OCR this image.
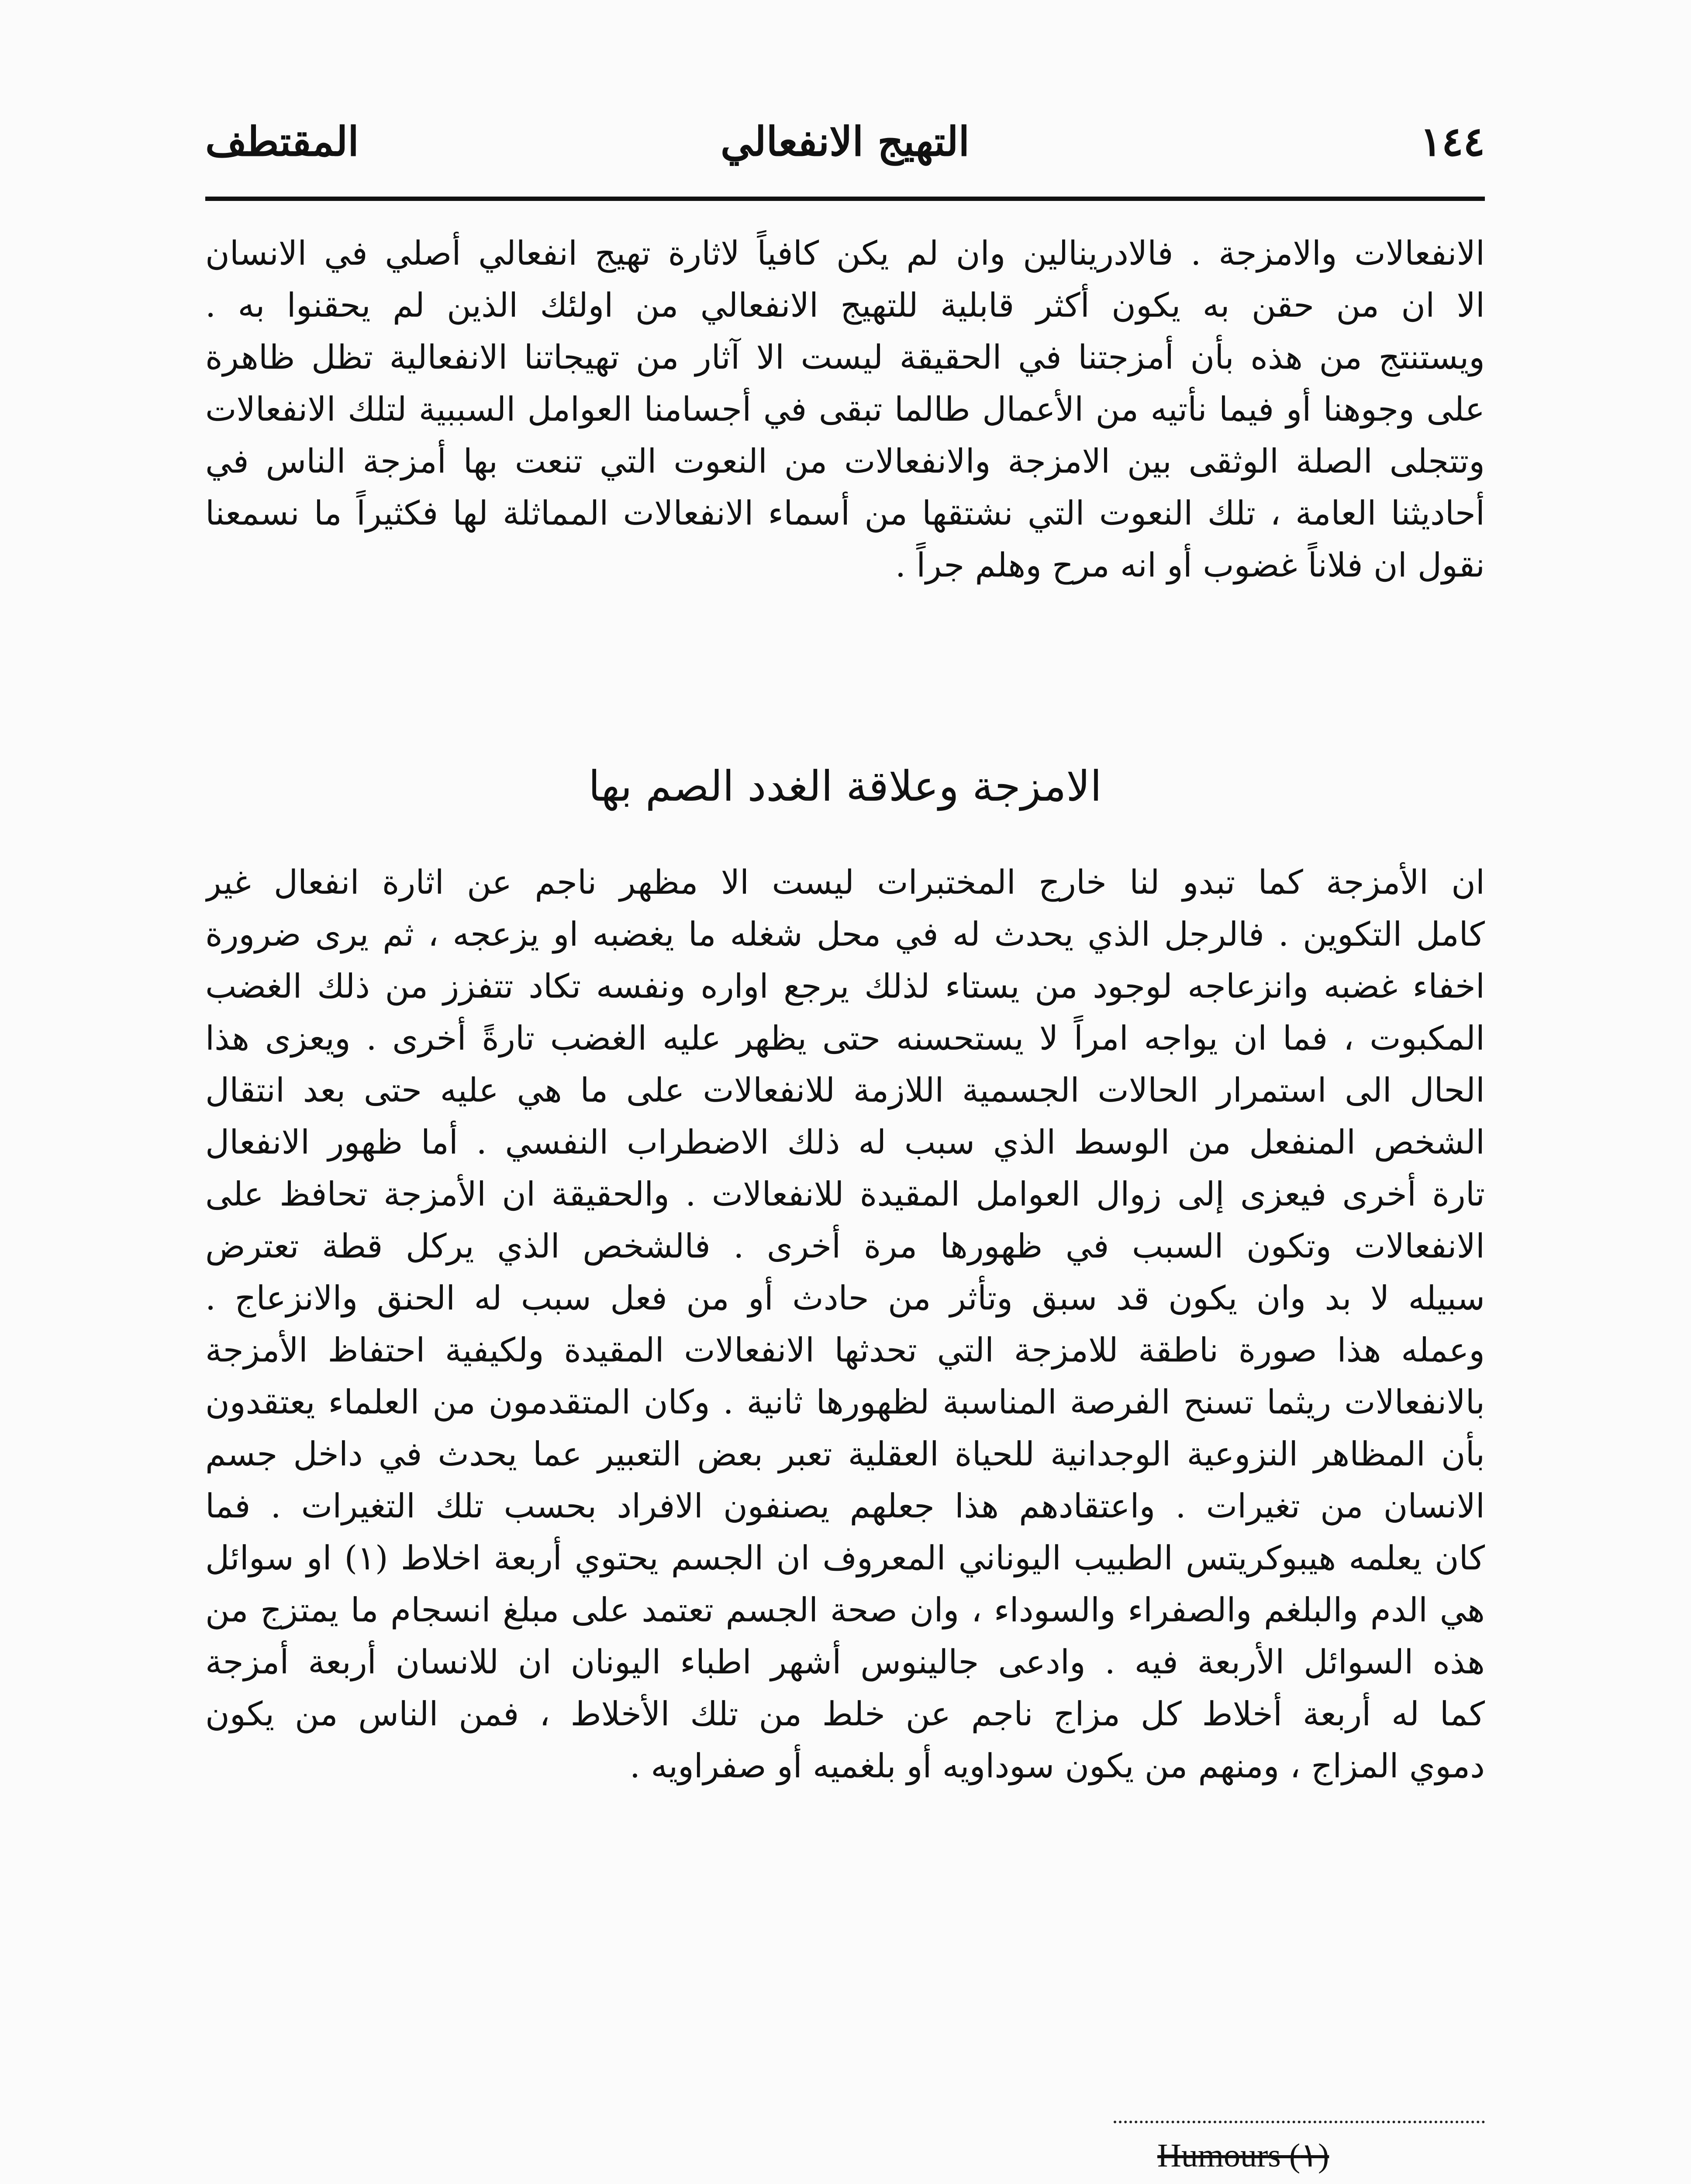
١٤٤
التهيج الانفعالي
المقتطف
الانفعالات والامزجة . فالادرينالين وان لم يكن كافياً لاثارة تهيج انفعالي أصلي في الانسان
الا ان من حقن به يكون أكثر قابلية للتهيج الانفعالي من اولئك الذين لم يحقنوا به .
ويستنتج من هذه بأن أمزجتنا في الحقيقة ليست الا آثار من تهيجاتنا الانفعالية تظل ظاهرة
على وجوهنا أو فيما نأتيه من الأعمال طالما تبقى في أجسامنا العوامل السببية لتلك الانفعالات
وتتجلى الصلة الوثقى بين الامزجة والانفعالات من النعوت التي تنعت بها أمزجة الناس في
أحاديثنا العامة ، تلك النعوت التي نشتقها من أسماء الانفعالات المماثلة لها فكثيراً ما نسمعنا
نقول ان فلاناً غضوب أو انه مرح وهلم جراً .
الامزجة وعلاقة الغدد الصم بها
ان الأمزجة كما تبدو لنا خارج المختبرات ليست الا مظهر ناجم عن اثارة انفعال غير
كامل التكوين . فالرجل الذي يحدث له في محل شغله ما يغضبه او يزعجه ، ثم يرى ضرورة
اخفاء غضبه وانزعاجه لوجود من يستاء لذلك يرجع اواره ونفسه تكاد تتفزز من ذلك الغضب
المكبوت ، فما ان يواجه امراً لا يستحسنه حتى يظهر عليه الغضب تارةً أخرى . ويعزى هذا
الحال الى استمرار الحالات الجسمية اللازمة للانفعالات على ما هي عليه حتى بعد انتقال
الشخص المنفعل من الوسط الذي سبب له ذلك الاضطراب النفسي . أما ظهور الانفعال
تارة أخرى فيعزى إلى زوال العوامل المقيدة للانفعالات . والحقيقة ان الأمزجة تحافظ على
الانفعالات وتكون السبب في ظهورها مرة أخرى . فالشخص الذي يركل قطة تعترض
سبيله لا بد وان يكون قد سبق وتأثر من حادث أو من فعل سبب له الحنق والانزعاج .
وعمله هذا صورة ناطقة للامزجة التي تحدثها الانفعالات المقيدة ولكيفية احتفاظ الأمزجة
بالانفعالات ريثما تسنح الفرصة المناسبة لظهورها ثانية . وكان المتقدمون من العلماء يعتقدون
بأن المظاهر النزوعية الوجدانية للحياة العقلية تعبر بعض التعبير عما يحدث في داخل جسم
الانسان من تغيرات . واعتقادهم هذا جعلهم يصنفون الافراد بحسب تلك التغيرات . فما
كان يعلمه هيبوكريتس الطبيب اليوناني المعروف ان الجسم يحتوي أربعة اخلاط (١) او سوائل
هي الدم والبلغم والصفراء والسوداء ، وان صحة الجسم تعتمد على مبلغ انسجام ما يمتزج من
هذه السوائل الأربعة فيه . وادعى جالينوس أشهر اطباء اليونان ان للانسان أربعة أمزجة
كما له أربعة أخلاط كل مزاج ناجم عن خلط من تلك الأخلاط ، فمن الناس من يكون
دموي المزاج ، ومنهم من يكون سوداويه أو بلغميه أو صفراويه .
Humours (١)
